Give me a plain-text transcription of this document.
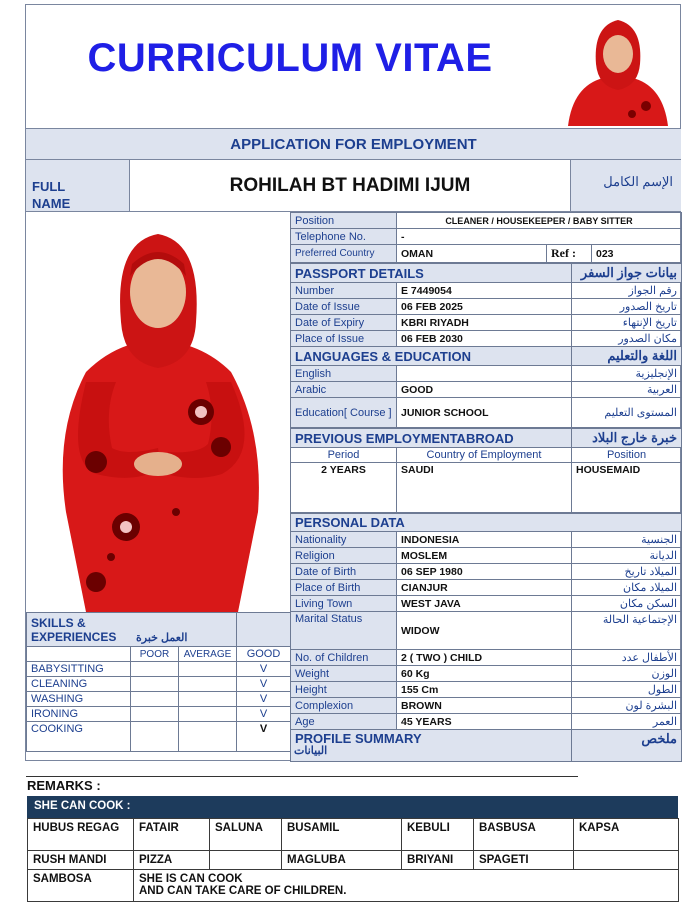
CURRICULUM VITAE
APPLICATION FOR EMPLOYMENT
FULL NAME
ROHILAH BT HADIMI IJUM	الإسم الكامل
Position	CLEANER / HOUSEKEEPER / BABY SITTER		
Telephone No.	-		
Preferred Country	OMAN	Ref :	023
PASSPORT DETAILS		بيانات جواز السفر
Number	E 7449054	رقم الجواز
Date of Issue	06 FEB 2025	تاريخ الصدور
Date of Expiry	KBRI RIYADH	تاريخ الإنتهاء
Place of Issue	06 FEB 2030	مكان الصدور
LANGUAGES & EDUCATION		اللغة والتعليم
English		الإنجليزية
Arabic	GOOD	العربية
Education[ Course ]	JUNIOR SCHOOL	المستوى التعليم
PREVIOUS EMPLOYMENTABROAD		خبرة خارج البلاد
Period	Country of Employment	Position
2 YEARS	SAUDI	HOUSEMAID
PERSONAL DATA		
Nationality	INDONESIA	الجنسية
Religion	MOSLEM	الديانة
Date of Birth	06 SEP 1980	الميلاد تاريخ
Place of Birth	CIANJUR	الميلاد مكان
Living Town	WEST JAVA	السكن مكان
Marital Status	WIDOW	الإجتماعية الحالة
No. of Children	2 ( TWO ) CHILD	الأطفال عدد
Weight	60 Kg	الوزن
Height	155 Cm	الطول
Complexion	BROWN	البشرة لون
Age	45 YEARS	العمر
PROFILE SUMMARY		ملخص
البيانات
SKILLS & EXPERIENCES العمل خبرة			
	POOR	AVERAGE	GOOD
BABYSITTING			V
CLEANING			V
WASHING			V
IRONING			V
COOKING			V
REMARKS :
SHE CAN COOK :
HUBUS REGAG	FATAIR	SALUNA	BUSAMIL	KEBULI	BASBUSA	KAPSA
RUSH MANDI	PIZZA		MAGLUBA	BRIYANI	SPAGETI	
SAMBOSA	SHE IS CAN COOK
AND CAN TAKE CARE OF CHILDREN.					
